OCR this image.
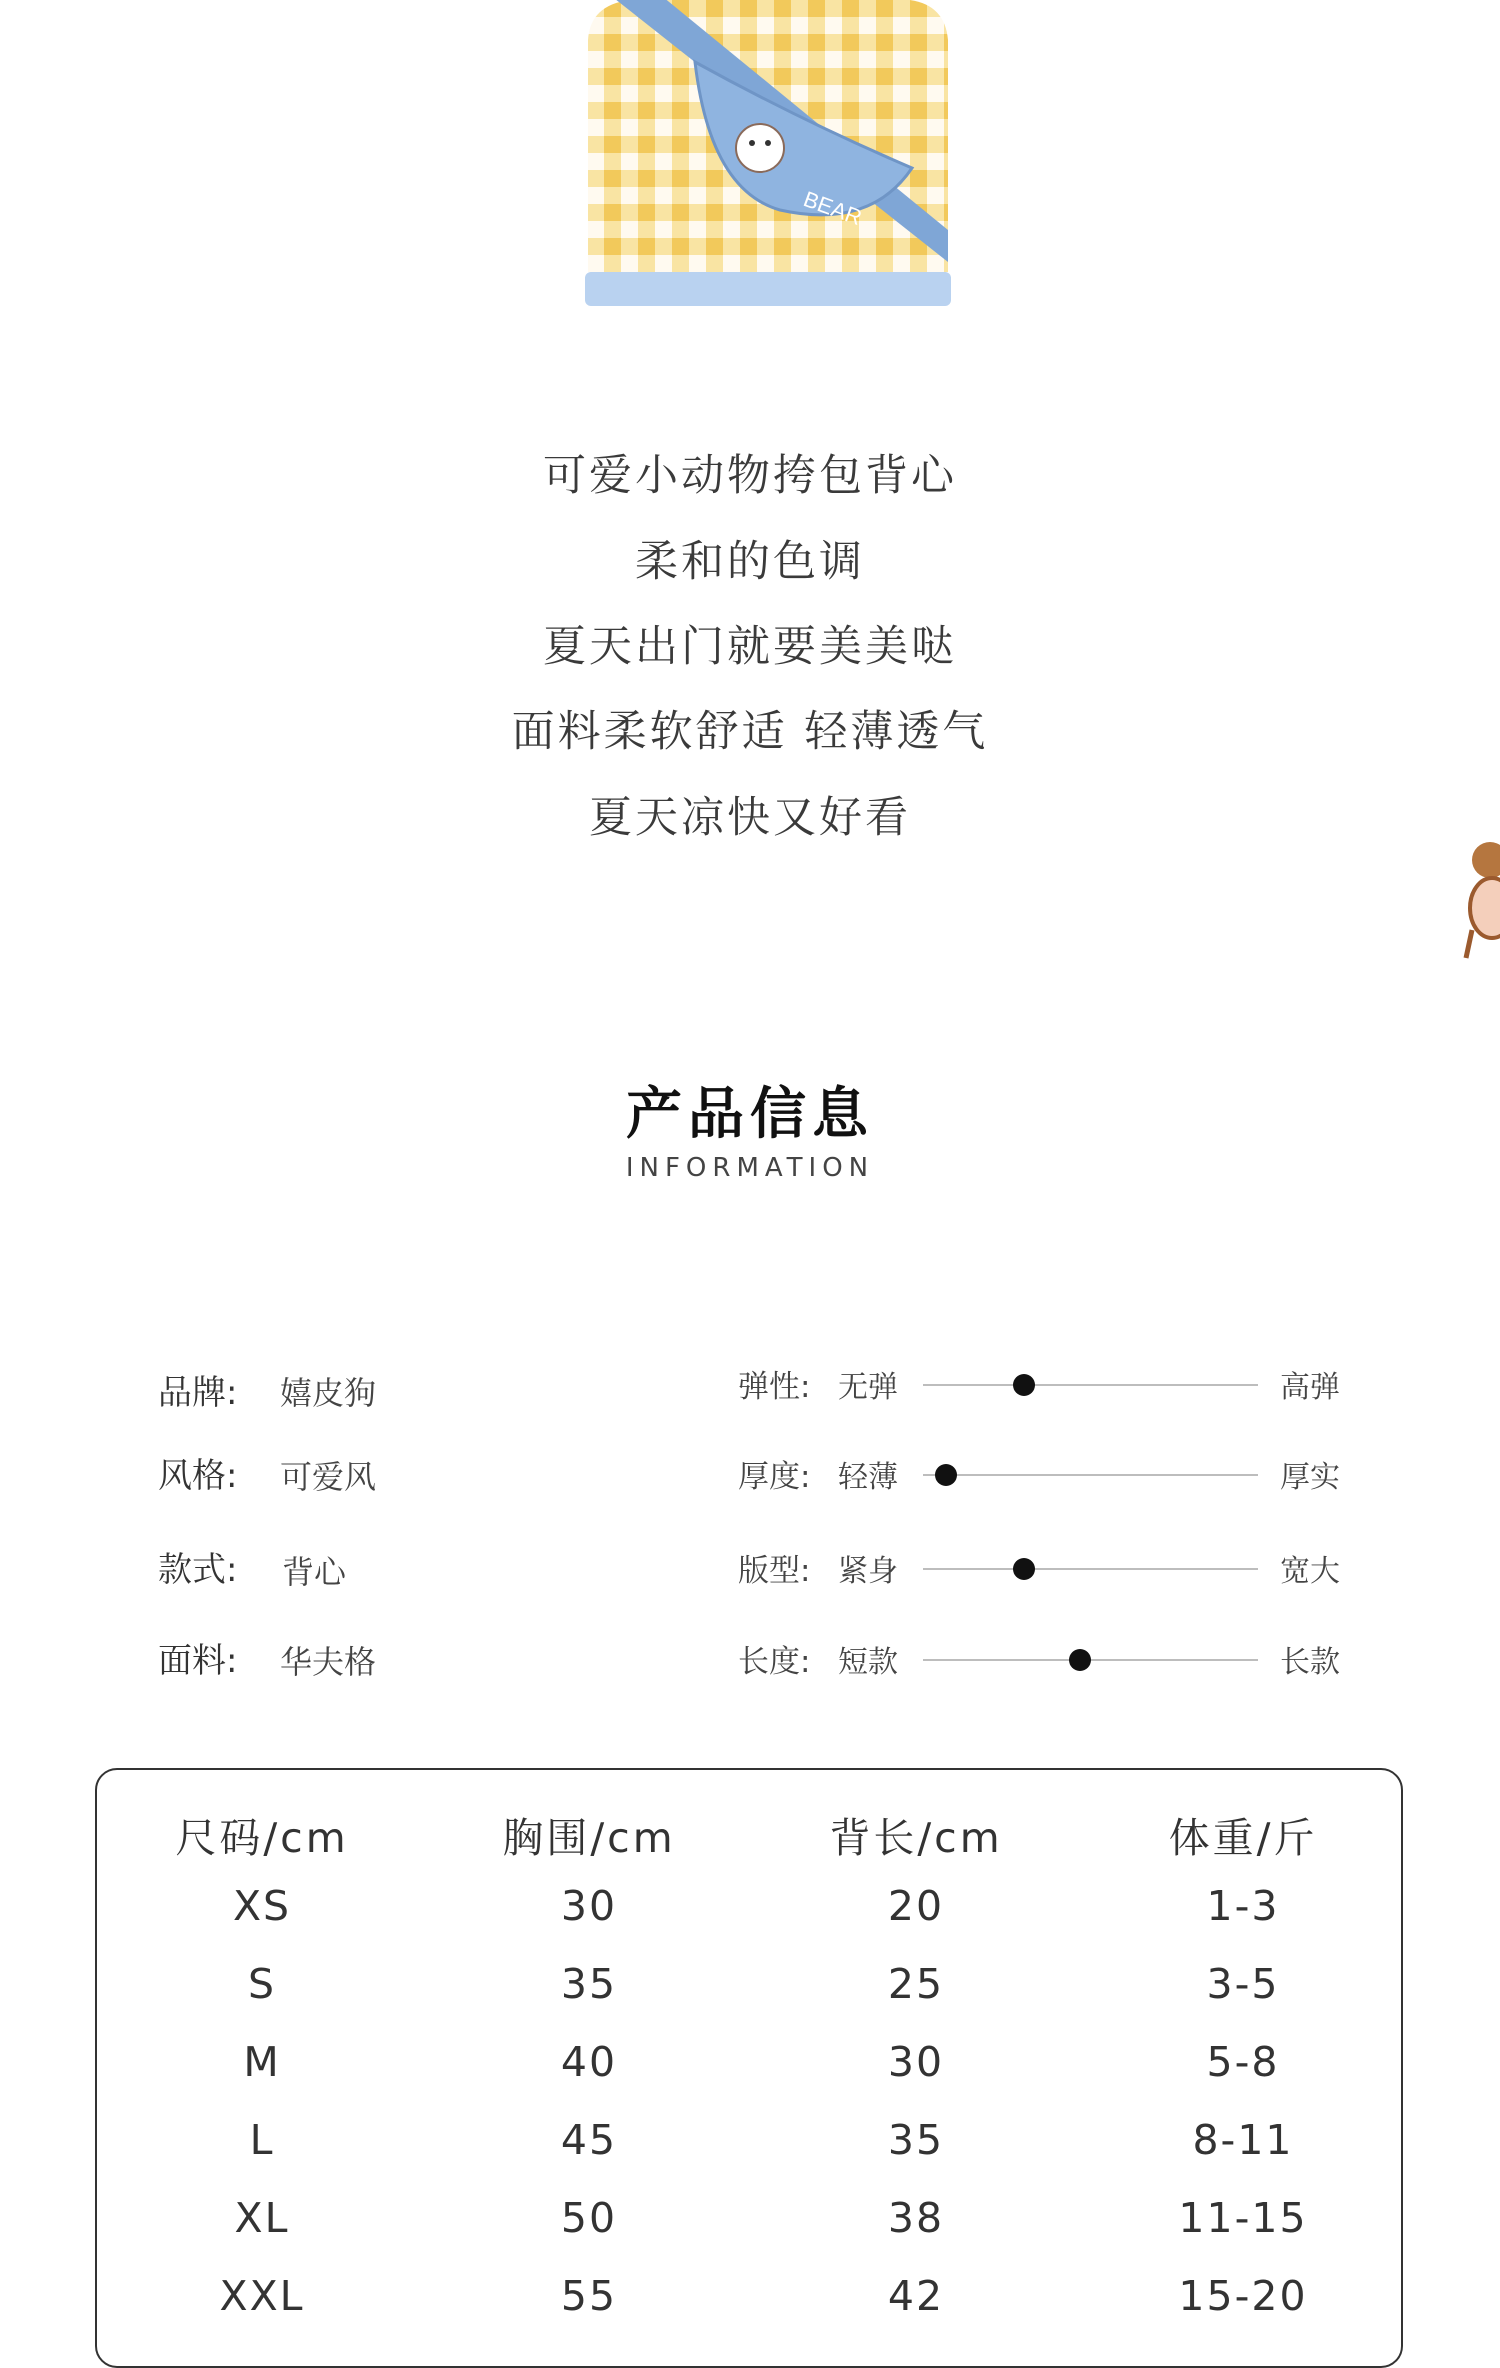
BEAR
可爱小动物挎包背心
柔和的色调
夏天出门就要美美哒
面料柔软舒适 轻薄透气
夏天凉快又好看
产品信息
INFORMATION
品牌: 嬉皮狗
风格: 可爱风
款式: 背心
面料: 华夫格
弹性: 无弹	高弹
厚度: 轻薄	厚实
版型: 紧身	宽大
长度: 短款	长款
尺码/cm	胸围/cm	背长/cm	体重/斤
XS	30	20	1-3
S	35	25	3-5
M	40	30	5-8
L	45	35	8-11
XL	50	38	11-15
XXL	55	42	15-20
